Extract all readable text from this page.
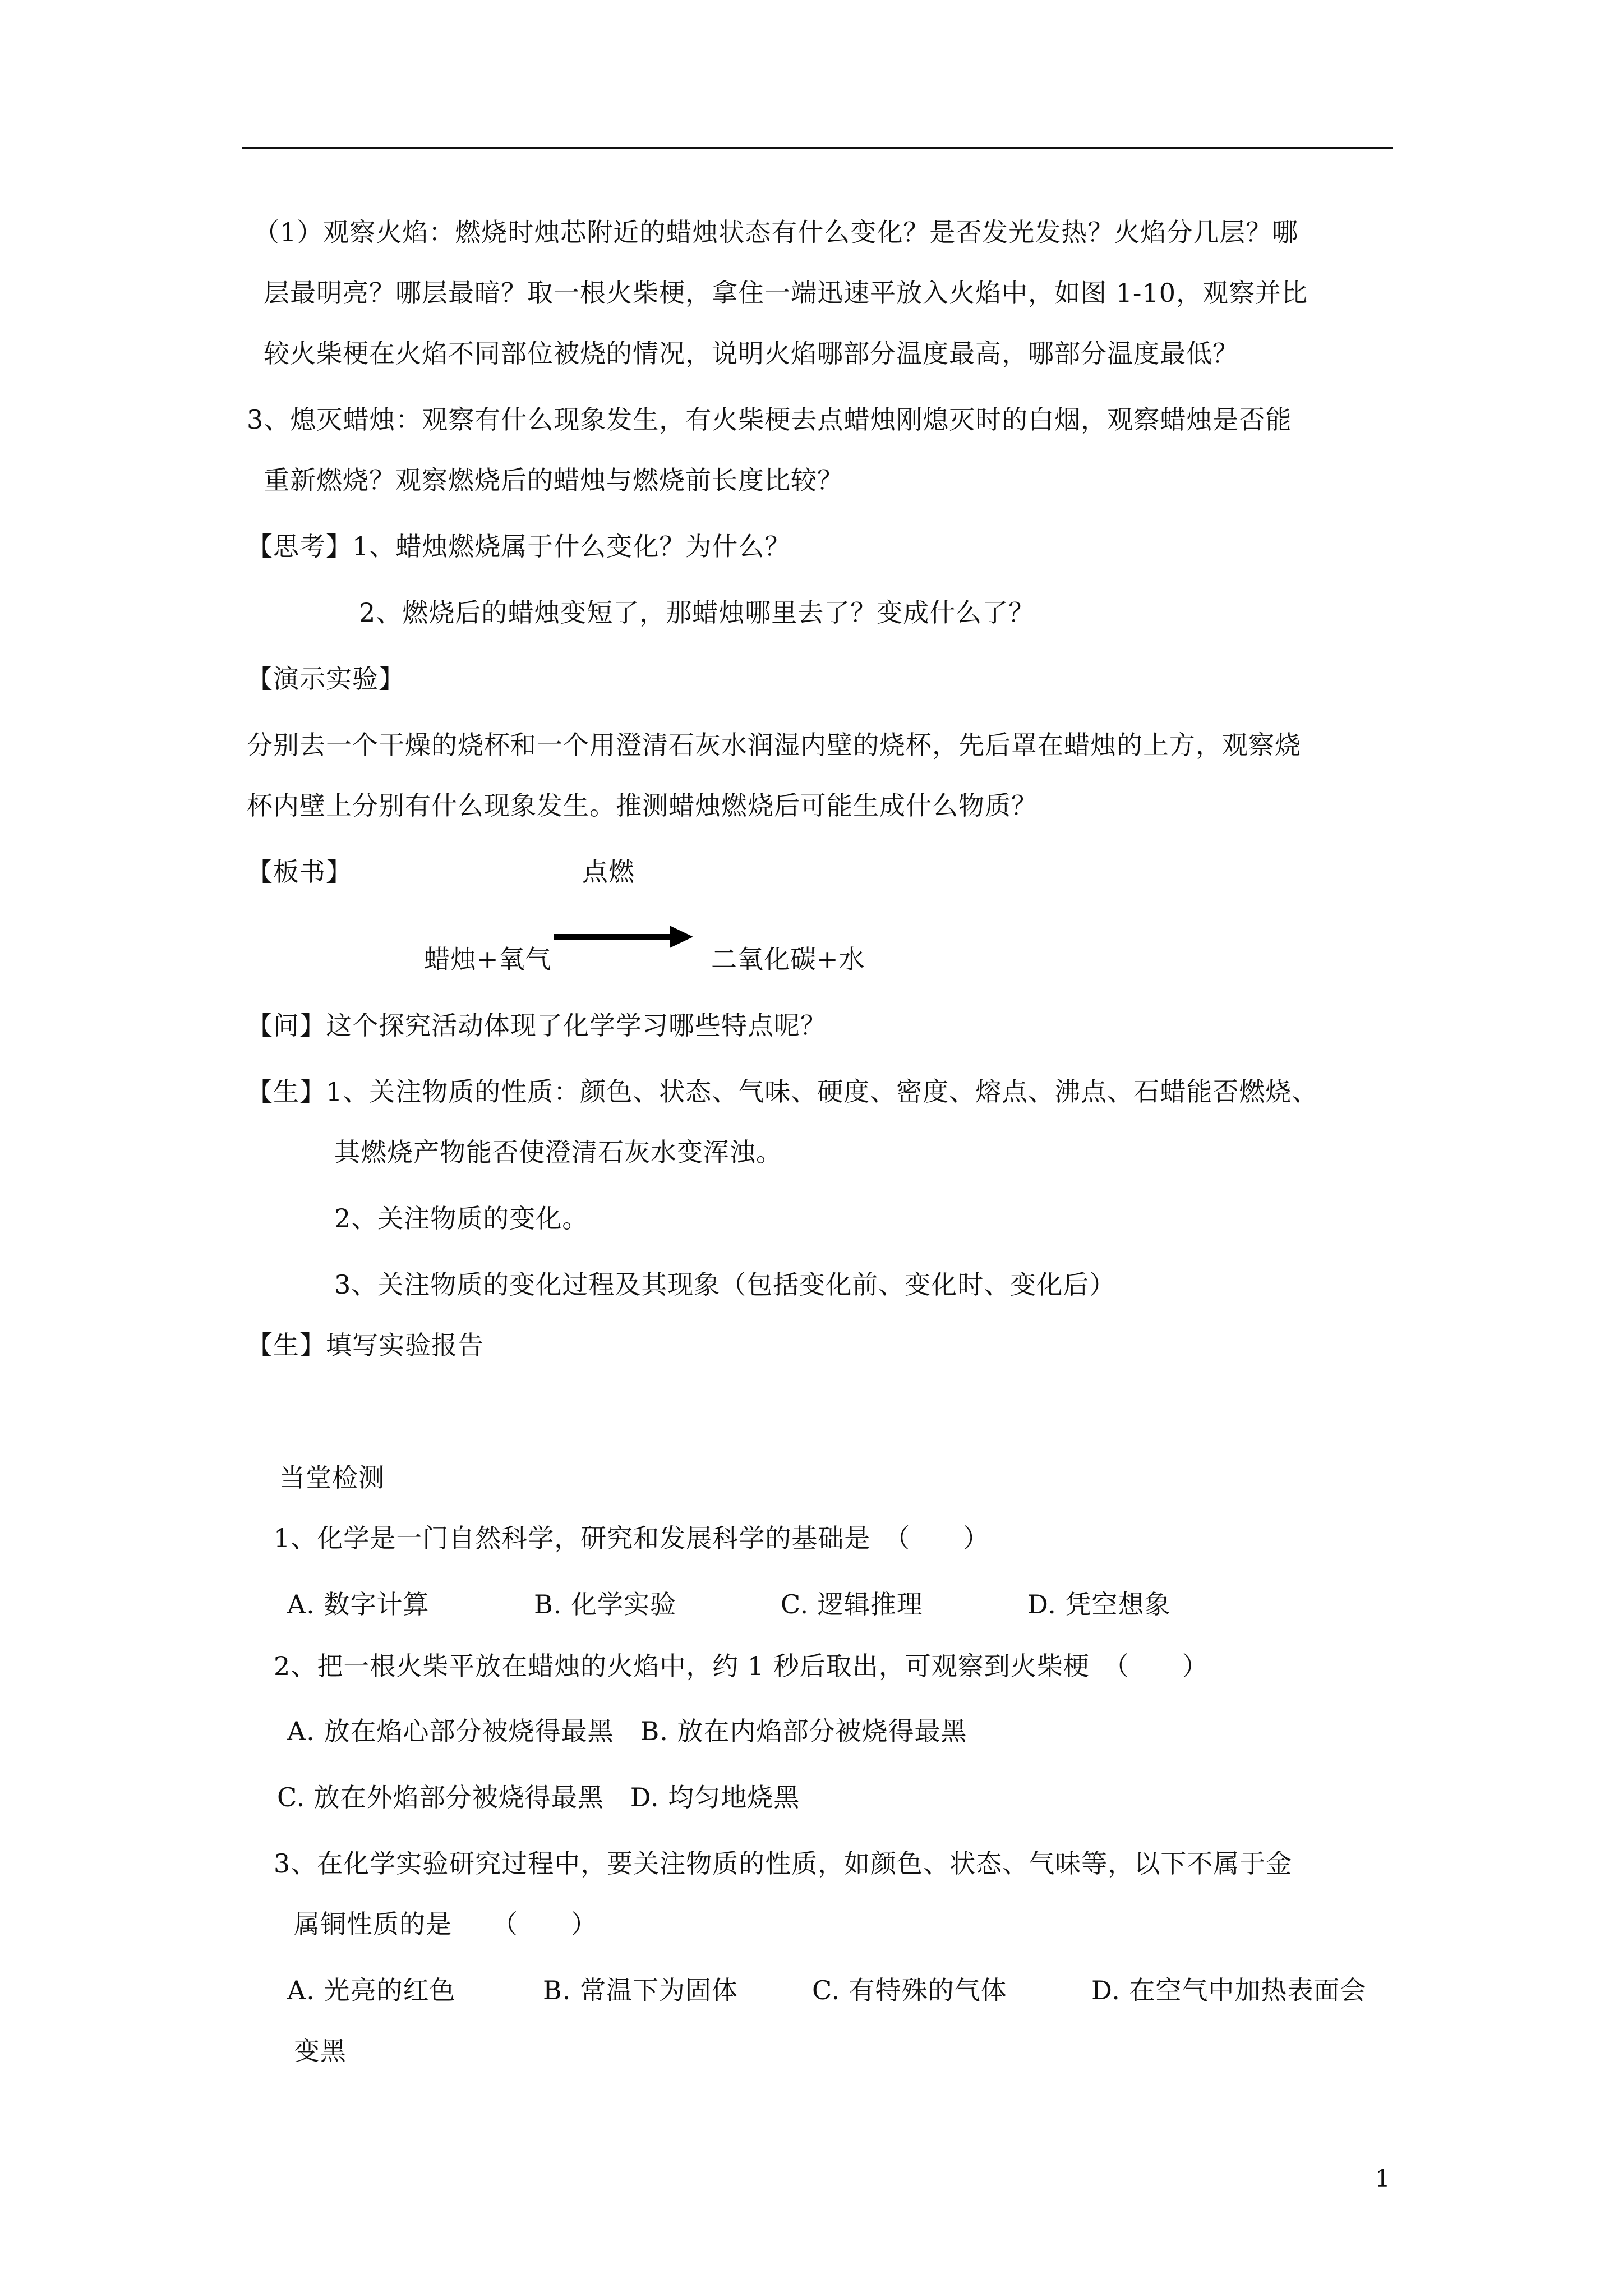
（1）观察火焰：燃烧时烛芯附近的蜡烛状态有什么变化？是否发光发热？火焰分几层？哪
层最明亮？哪层最暗？取一根火柴梗，拿住一端迅速平放入火焰中，如图 1-10，观察并比
较火柴梗在火焰不同部位被烧的情况，说明火焰哪部分温度最高，哪部分温度最低？
3、熄灭蜡烛：观察有什么现象发生，有火柴梗去点蜡烛刚熄灭时的白烟，观察蜡烛是否能
重新燃烧？观察燃烧后的蜡烛与燃烧前长度比较？
【思考】1、蜡烛燃烧属于什么变化？为什么？
2、燃烧后的蜡烛变短了，那蜡烛哪里去了？变成什么了？
【演示实验】
分别去一个干燥的烧杯和一个用澄清石灰水润湿内壁的烧杯，先后罩在蜡烛的上方，观察烧
杯内壁上分别有什么现象发生。推测蜡烛燃烧后可能生成什么物质？
【板书】	点燃
蜡烛+氧气	二氧化碳+水
【问】这个探究活动体现了化学学习哪些特点呢？
【生】1、关注物质的性质：颜色、状态、气味、硬度、密度、熔点、沸点、石蜡能否燃烧、
其燃烧产物能否使澄清石灰水变浑浊。
2、关注物质的变化。
3、关注物质的变化过程及其现象（包括变化前、变化时、变化后）
【生】填写实验报告
当堂检测
1、化学是一门自然科学，研究和发展科学的基础是　（　　）
A. 数字计算	B. 化学实验	C. 逻辑推理	D. 凭空想象
2、把一根火柴平放在蜡烛的火焰中，约 1 秒后取出，可观察到火柴梗　（　　）
A. 放在焰心部分被烧得最黑　B. 放在内焰部分被烧得最黑
C. 放在外焰部分被烧得最黑　D. 均匀地烧黑
3、在化学实验研究过程中，要关注物质的性质，如颜色、状态、气味等，以下不属于金
属铜性质的是　　（　　）
A. 光亮的红色	B. 常温下为固体	C. 有特殊的气体	D. 在空气中加热表面会
变黑
1
